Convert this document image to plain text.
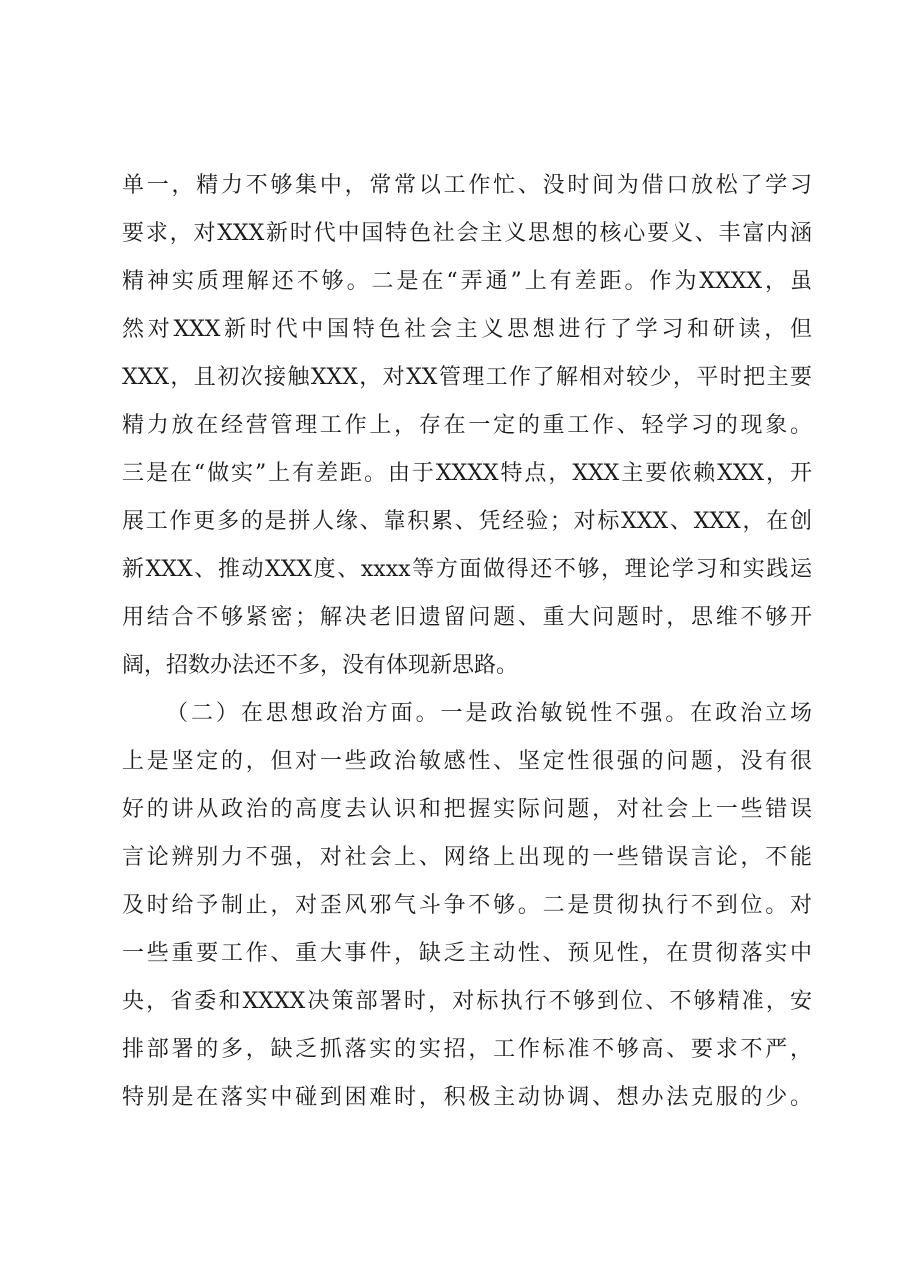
单一，精力不够集中，常常以工作忙、没时间为借口放松了学习
要求，对XXX新时代中国特色社会主义思想的核心要义、丰富内涵
精神实质理解还不够。二是在“弄通”上有差距。作为XXXX，虽
然对XXX新时代中国特色社会主义思想进行了学习和研读，但
XXX，且初次接触XXX，对XX管理工作了解相对较少，平时把主要
精力放在经营管理工作上，存在一定的重工作、轻学习的现象。
三是在“做实”上有差距。由于XXXX特点，XXX主要依赖XXX，开
展工作更多的是拼人缘、靠积累、凭经验；对标XXX、XXX，在创
新XXX、推动XXX度、xxxx等方面做得还不够，理论学习和实践运
用结合不够紧密；解决老旧遗留问题、重大问题时，思维不够开
阔，招数办法还不多，没有体现新思路。
（二）在思想政治方面。一是政治敏锐性不强。在政治立场
上是坚定的，但对一些政治敏感性、坚定性很强的问题，没有很
好的讲从政治的高度去认识和把握实际问题，对社会上一些错误
言论辨别力不强，对社会上、网络上出现的一些错误言论，不能
及时给予制止，对歪风邪气斗争不够。二是贯彻执行不到位。对
一些重要工作、重大事件，缺乏主动性、预见性，在贯彻落实中
央，省委和XXXX决策部署时，对标执行不够到位、不够精准，安
排部署的多，缺乏抓落实的实招，工作标准不够高、要求不严，
特别是在落实中碰到困难时，积极主动协调、想办法克服的少。
